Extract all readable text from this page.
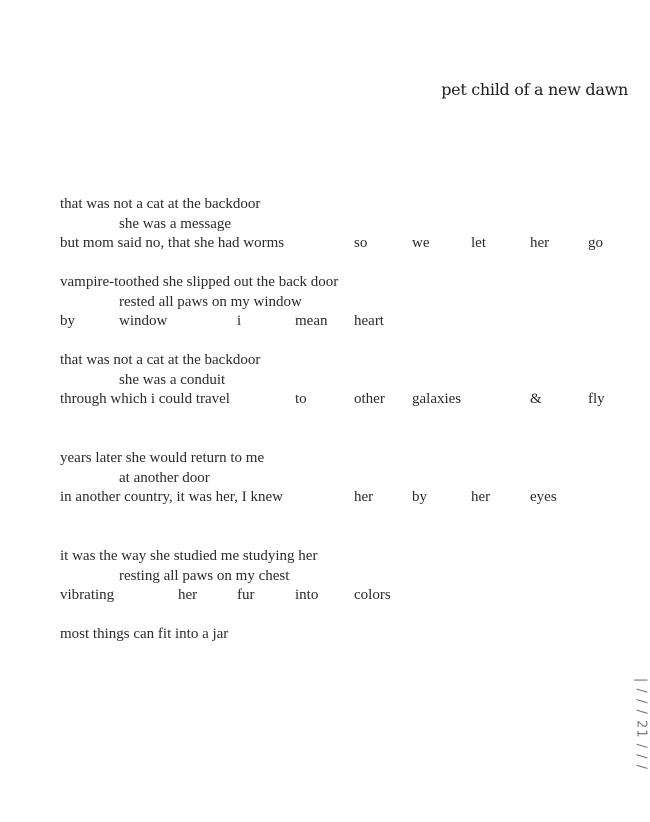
pet child of a new dawn
that was not a cat at the backdoor
she was a message
but mom said no, that she had worms	so	we	let	her	go
vampire-toothed she slipped out the back door
rested all paws on my window
by	window	i	mean heart
that was not a cat at the backdoor
she was a conduit
through which i could travel	to	other galaxies	&	fly
years later she would return to me
at another door
in another country, it was her, I knew	her	by	her	eyes
it was the way she studied me studying her
resting all paws on my chest
vibrating	her	fur	into colors
most things can fit into a jar
| / / / 21 / / /
